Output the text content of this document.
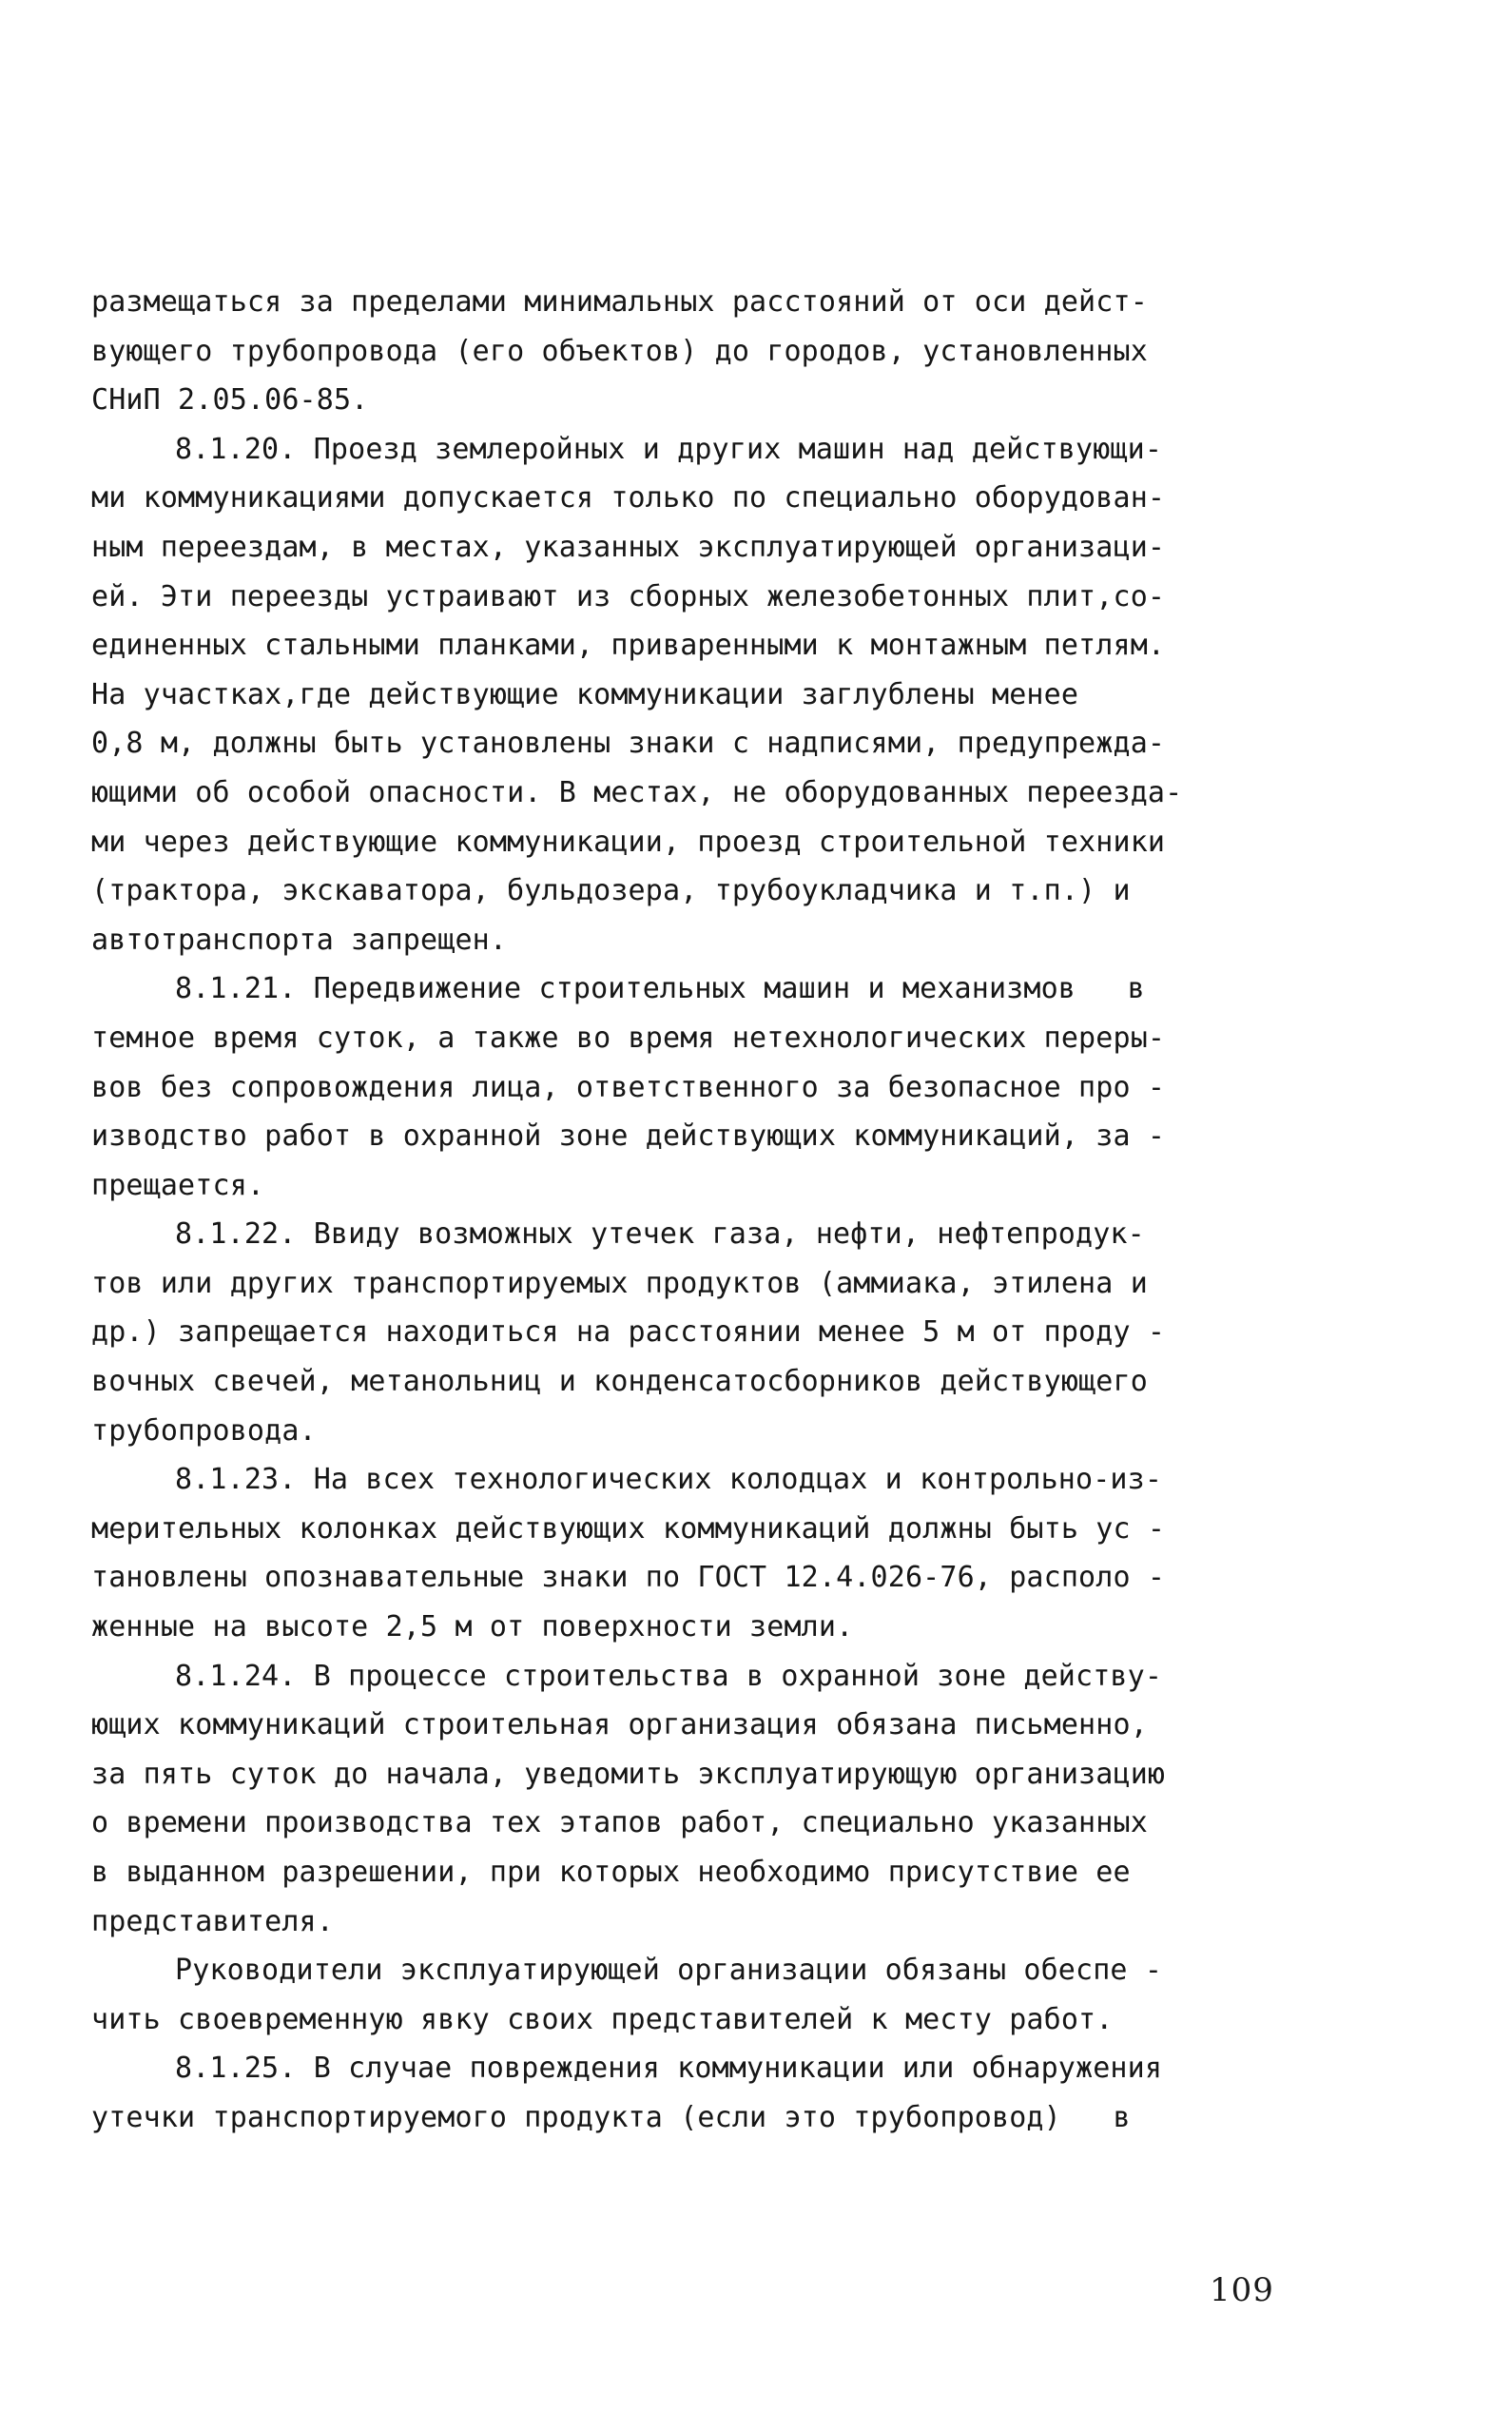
размещаться за пределами минимальных расстояний от оси дейст-
вующего трубопровода (его объектов) до городов, установленных
СНиП 2.05.06-85.
8.1.20. Проезд землеройных и других машин над действующи-
ми коммуникациями допускается только по специально оборудован-
ным переездам, в местах, указанных эксплуатирующей организаци-
ей. Эти переезды устраивают из сборных железобетонных плит,со-
единенных стальными планками, приваренными к монтажным петлям.
На участках,где действующие коммуникации заглублены менее
0,8 м, должны быть установлены знаки с надписями, предупрежда-
ющими об особой опасности. В местах, не оборудованных переезда-
ми через действующие коммуникации, проезд строительной техники
(трактора, экскаватора, бульдозера, трубоукладчика и т.п.) и
автотранспорта запрещен.
8.1.21. Передвижение строительных машин и механизмов   в
темное время суток, а также во время нетехнологических переры-
вов без сопровождения лица, ответственного за безопасное про -
изводство работ в охранной зоне действующих коммуникаций, за -
прещается.
8.1.22. Ввиду возможных утечек газа, нефти, нефтепродук-
тов или других транспортируемых продуктов (аммиака, этилена и
др.) запрещается находиться на расстоянии менее 5 м от проду -
вочных свечей, метанольниц и конденсатосборников действующего
трубопровода.
8.1.23. На всех технологических колодцах и контрольно-из-
мерительных колонках действующих коммуникаций должны быть ус -
тановлены опознавательные знаки по ГОСТ 12.4.026-76, располо -
женные на высоте 2,5 м от поверхности земли.
8.1.24. В процессе строительства в охранной зоне действу-
ющих коммуникаций строительная организация обязана письменно,
за пять суток до начала, уведомить эксплуатирующую организацию
о времени производства тех этапов работ, специально указанных
в выданном разрешении, при которых необходимо присутствие ее
представителя.
Руководители эксплуатирующей организации обязаны обеспе -
чить своевременную явку своих представителей к месту работ.
8.1.25. В случае повреждения коммуникации или обнаружения
утечки транспортируемого продукта (если это трубопровод)   в
109
